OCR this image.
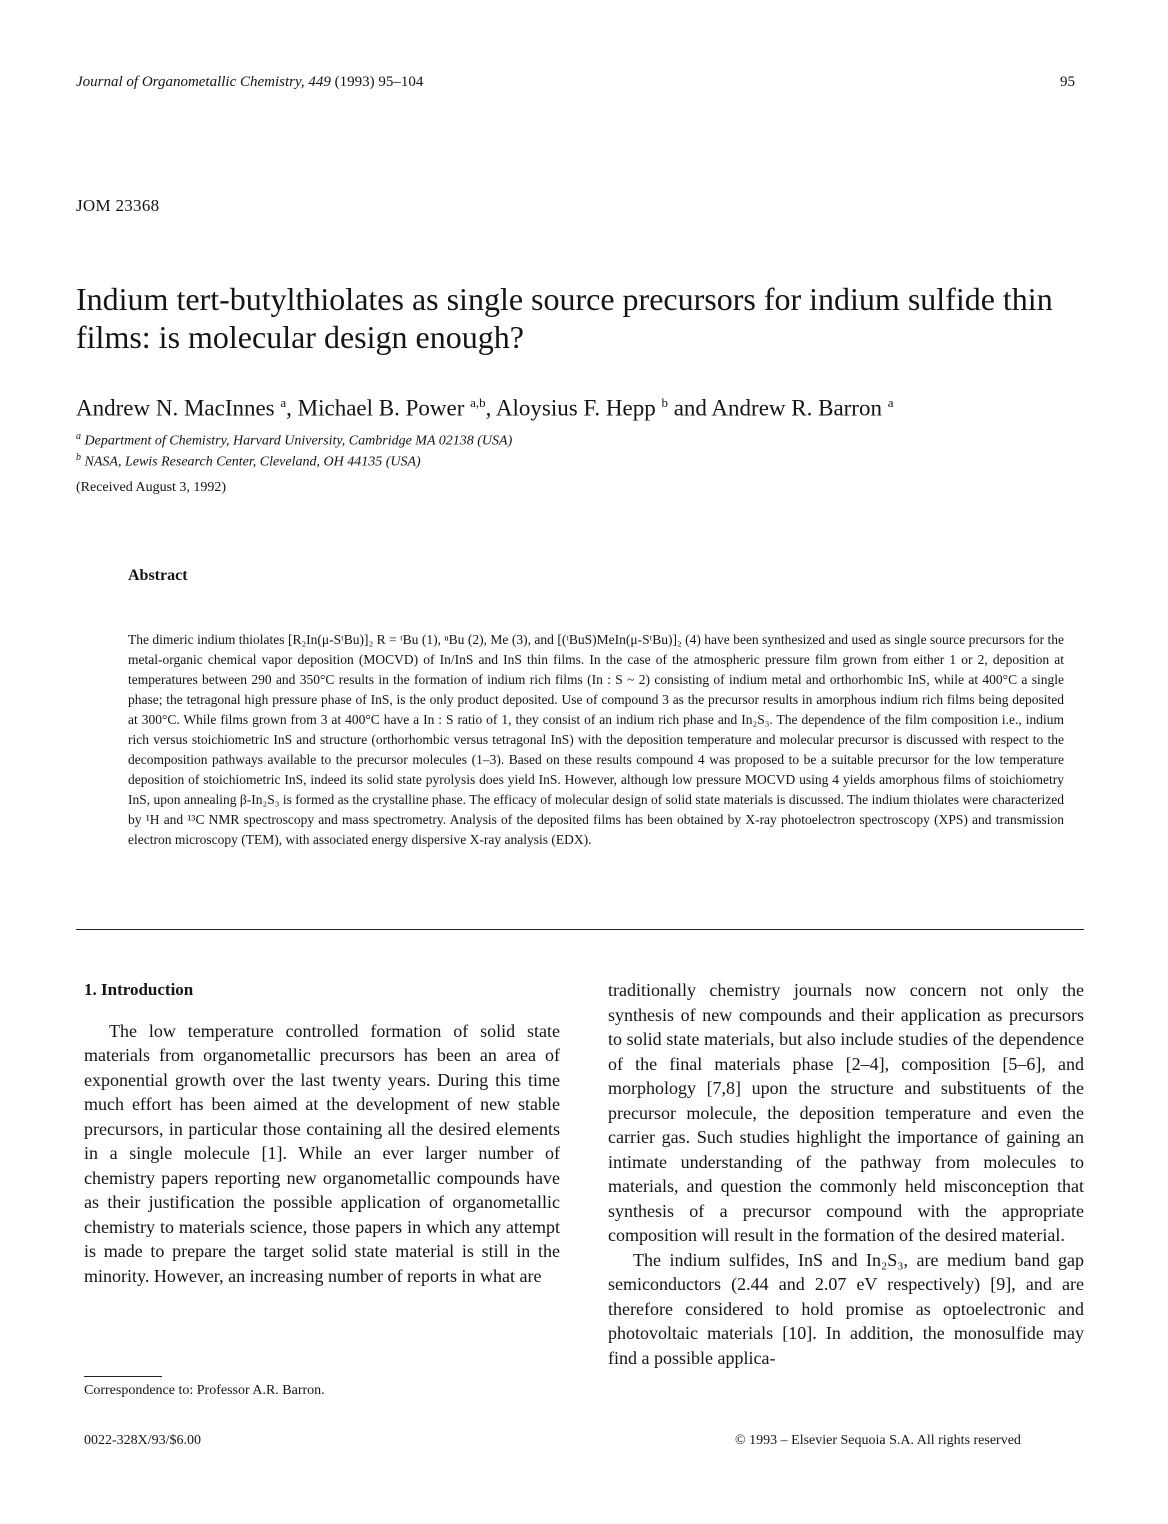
Journal of Organometallic Chemistry, 449 (1993) 95–104	95
JOM 23368
Indium tert-butylthiolates as single source precursors for indium sulfide thin films: is molecular design enough?
Andrew N. MacInnes $^a$, Michael B. Power $^{a,b}$, Aloysius F. Hepp $^b$ and Andrew R. Barron $^a$
$^a$ Department of Chemistry, Harvard University, Cambridge MA 02138 (USA)
$^b$ NASA, Lewis Research Center, Cleveland, OH 44135 (USA)
(Received August 3, 1992)
Abstract
The dimeric indium thiolates [R₂In(μ-SᵗBu)]₂ R = ᵗBu (1), ⁿBu (2), Me (3), and [(ᵗBuS)MeIn(μ-SᵗBu)]₂ (4) have been synthesized and used as single source precursors for the metal-organic chemical vapor deposition (MOCVD) of In/InS and InS thin films. In the case of the atmospheric pressure film grown from either 1 or 2, deposition at temperatures between 290 and 350°C results in the formation of indium rich films (In : S ~ 2) consisting of indium metal and orthorhombic InS, while at 400°C a single phase; the tetragonal high pressure phase of InS, is the only product deposited. Use of compound 3 as the precursor results in amorphous indium rich films being deposited at 300°C. While films grown from 3 at 400°C have a In : S ratio of 1, they consist of an indium rich phase and In₂S₃. The dependence of the film composition i.e., indium rich versus stoichiometric InS and structure (orthorhombic versus tetragonal InS) with the deposition temperature and molecular precursor is discussed with respect to the decomposition pathways available to the precursor molecules (1–3). Based on these results compound 4 was proposed to be a suitable precursor for the low temperature deposition of stoichiometric InS, indeed its solid state pyrolysis does yield InS. However, although low pressure MOCVD using 4 yields amorphous films of stoichiometry InS, upon annealing β-In₂S₃ is formed as the crystalline phase. The efficacy of molecular design of solid state materials is discussed. The indium thiolates were characterized by ¹H and ¹³C NMR spectroscopy and mass spectrometry. Analysis of the deposited films has been obtained by X-ray photoelectron spectroscopy (XPS) and transmission electron microscopy (TEM), with associated energy dispersive X-ray analysis (EDX).

1. Introduction

The low temperature controlled formation of solid state materials from organometallic precursors has been an area of exponential growth over the last twenty years. During this time much effort has been aimed at the development of new stable precursors, in particular those containing all the desired elements in a single molecule [1]. While an ever larger number of chemistry papers reporting new organometallic compounds have as their justification the possible application of organometallic chemistry to materials science, those papers in which any attempt is made to prepare the target solid state material is still in the minority. However, an increasing number of reports in what are

traditionally chemistry journals now concern not only the synthesis of new compounds and their application as precursors to solid state materials, but also include studies of the dependence of the final materials phase [2–4], composition [5–6], and morphology [7,8] upon the structure and substituents of the precursor molecule, the deposition temperature and even the carrier gas. Such studies highlight the importance of gaining an intimate understanding of the pathway from molecules to materials, and question the commonly held misconception that synthesis of a precursor compound with the appropriate composition will result in the formation of the desired material.

The indium sulfides, InS and In₂S₃, are medium band gap semiconductors (2.44 and 2.07 eV respectively) [9], and are therefore considered to hold promise as optoelectronic and photovoltaic materials [10]. In addition, the monosulfide may find a possible applica-

Correspondence to: Professor A.R. Barron.
0022-328X/93/$6.00	© 1993 – Elsevier Sequoia S.A. All rights reserved
